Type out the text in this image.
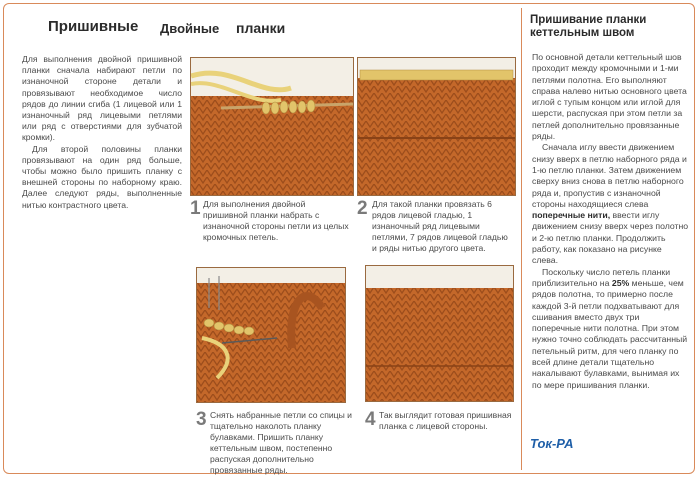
Пришивные Двойные планки

Для выполнения двойной пришивной планки сначала набирают петли по изнаночной стороне детали и провязывают необходимое число рядов до линии сгиба (1 лицевой или 1 изнаночный ряд лицевыми петлями или ряд с отверстиями для зубчатой кромки).

Для второй половины планки провязывают на один ряд больше, чтобы можно было пришить планку с внешней стороны по наборному краю. Далее следуют ряды, выполненные нитью контрастного цвета.	1 Для выполнения двойной пришивной планки набрать с изнаночной стороны петли из целых кромочных петель.
2 Для такой планки провязать 6 рядов лицевой гладью, 1 изнаночный ряд лицевыми петлями, 7 рядов лицевой гладью и ряды нитью другого цвета.
3 Снять набранные петли со спицы и тщательно наколоть планку булавками. Пришить планку кеттельным швом, постепенно распуская дополнительно провязанные ряды.
4 Так выглядит готовая пришивная планка с лицевой стороны.
Пришивание планки кеттельным швом

По основной детали кеттельный шов проходит между кромочными и 1-ми петлями полотна. Его выполняют справа налево нитью основного цвета иглой с тупым концом или иглой для шерсти, распуская при этом петли за петлей дополнительно провязанные ряды.

Сначала иглу ввести движением снизу вверх в петлю наборного ряда и 1-ю петлю планки. Затем движением сверху вниз снова в петлю наборного ряда и, пропустив с изнаночной стороны находящиеся слева поперечные нити, ввести иглу движением снизу вверх через полотно и 2-ю петлю планки. Продолжить работу, как показано на рисунке слева.

Поскольку число петель планки приблизительно на 25% меньше, чем рядов полотна, то примерно после каждой 3-й петли подхватывают для сшивания вместо двух три поперечные нити полотна. При этом нужно точно соблюдать рассчитанный петельный ритм, для чего планку по всей длине детали тщательно накалывают булавками, вынимая их по мере пришивания планки.

Ток-РА
